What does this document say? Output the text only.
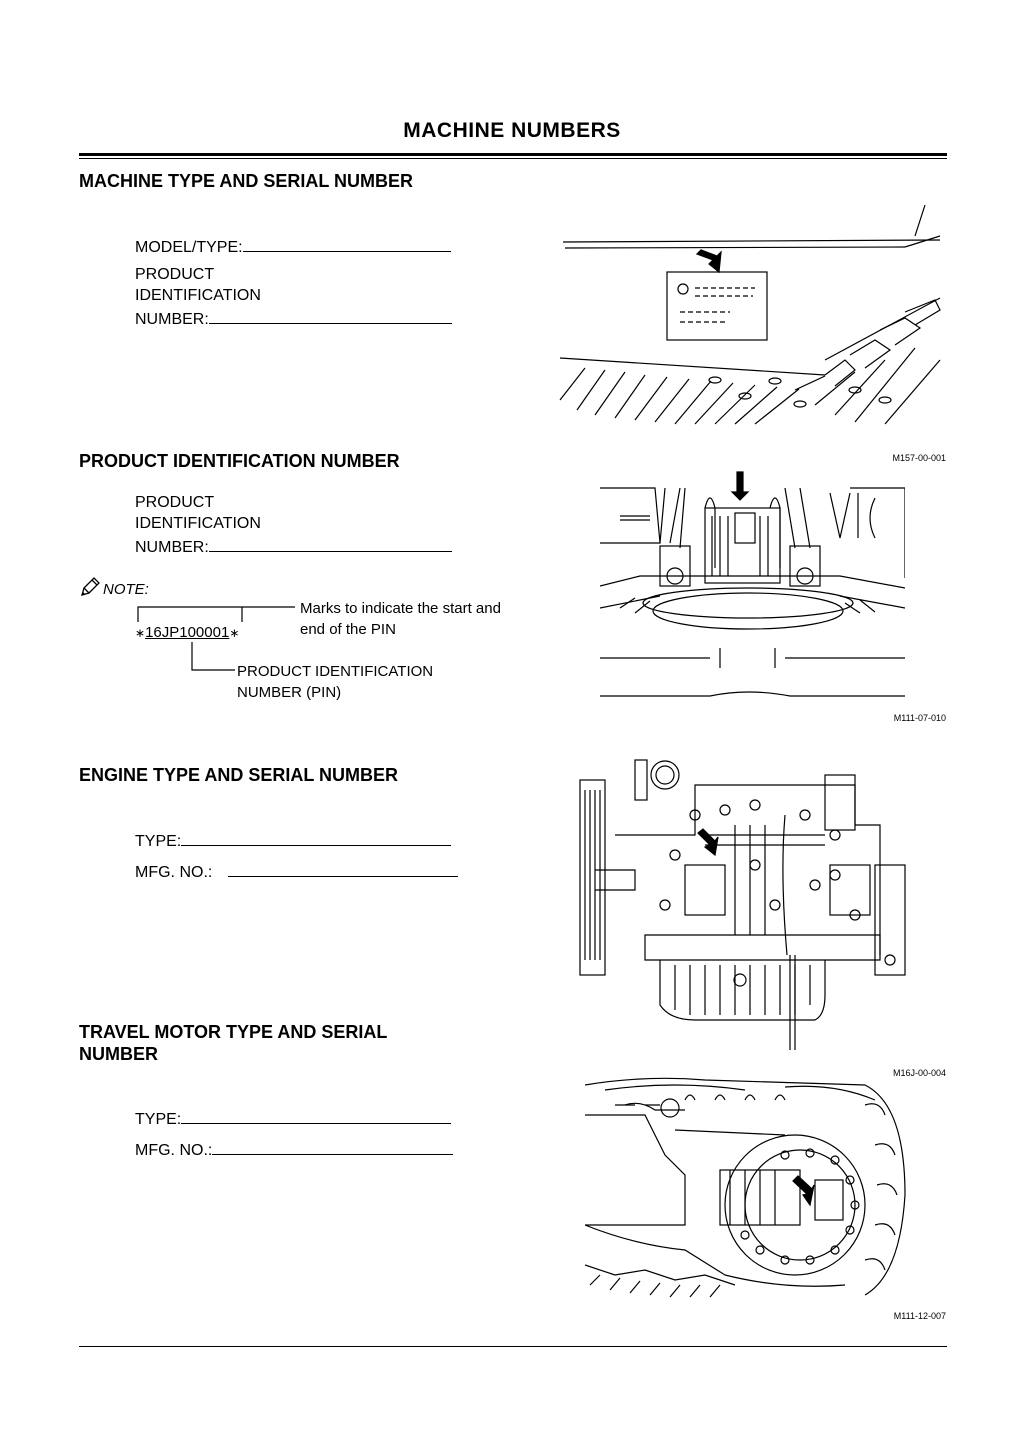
MACHINE NUMBERS
MACHINE TYPE AND SERIAL NUMBER
MODEL/TYPE:
PRODUCT
IDENTIFICATION
NUMBER:
M157-00-001
PRODUCT IDENTIFICATION NUMBER
PRODUCT
IDENTIFICATION
NUMBER:
NOTE:
∗16JP100001∗
Marks to indicate the start and
end of the PIN
PRODUCT IDENTIFICATION
NUMBER (PIN)
M111-07-010
ENGINE TYPE AND SERIAL NUMBER
TYPE:
MFG. NO.:
M16J-00-004
TRAVEL MOTOR TYPE AND SERIAL
NUMBER
TYPE:
MFG. NO.:
M111-12-007
